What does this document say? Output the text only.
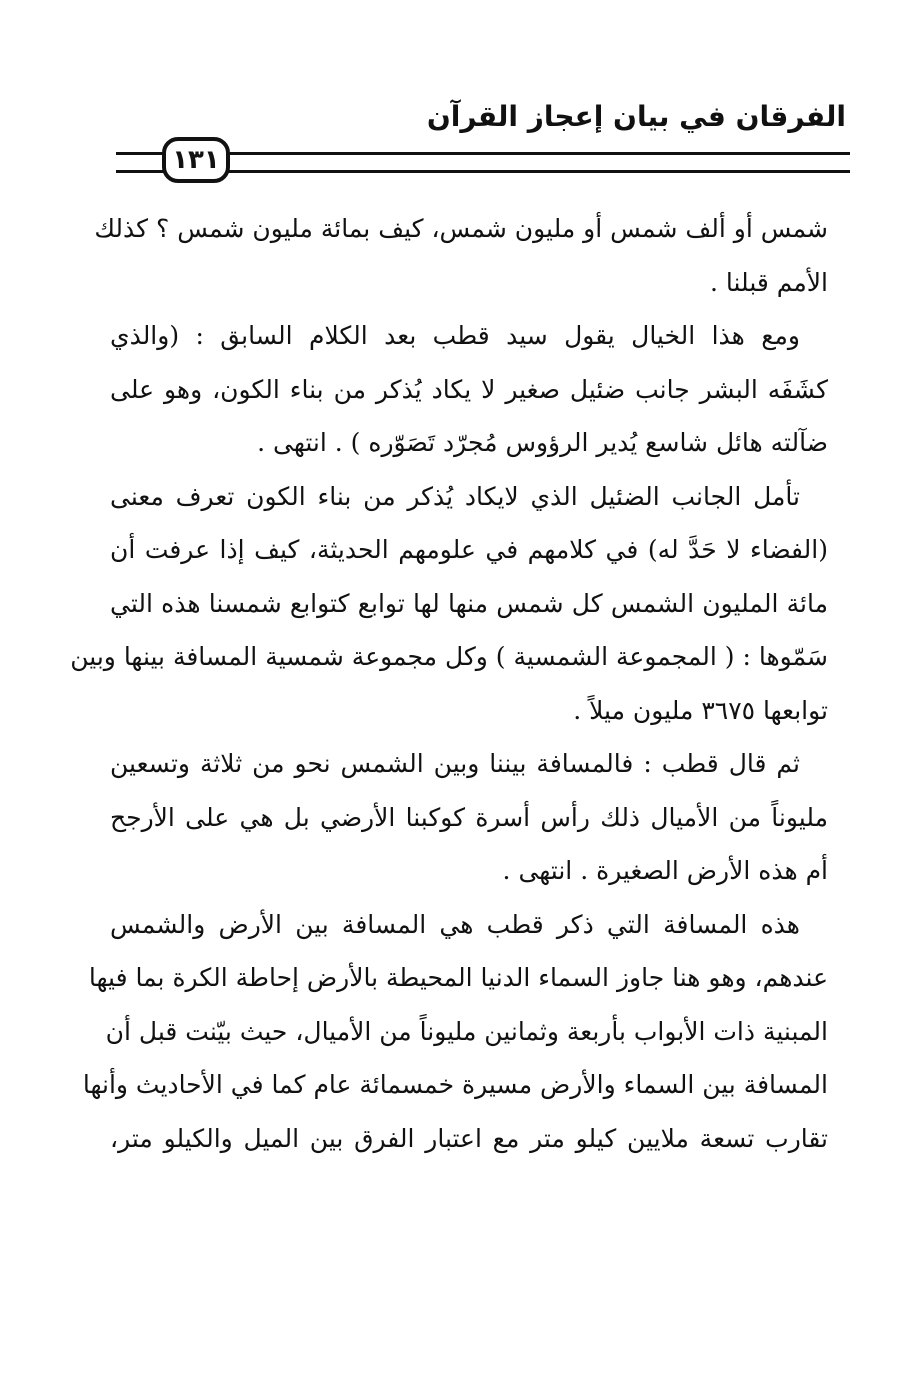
الفرقان في بيان إعجاز القرآن
١٣١
شمس أو ألف شمس أو مليون شمس، كيف بمائة مليون شمس ؟ كذلك
الأمم قبلنا .
ومع هذا الخيال يقول سيد قطب بعد الكلام السابق : (والذي
كشَفَه البشر جانب ضئيل صغير لا يكاد يُذكر من بناء الكون، وهو على
ضآلته هائل شاسع يُدير الرؤوس مُجرّد تَصَوّره ) . انتهى .
تأمل الجانب الضئيل الذي لايكاد يُذكر من بناء الكون تعرف معنى
(الفضاء لا حَدَّ له) في كلامهم في علومهم الحديثة، كيف إذا عرفت أن
مائة المليون الشمس كل شمس منها لها توابع كتوابع شمسنا هذه التي
سَمّوها : ( المجموعة الشمسية ) وكل مجموعة شمسية المسافة بينها وبين
توابعها ٣٦٧٥ مليون ميلاً .
ثم قال قطب : فالمسافة بيننا وبين الشمس نحو من ثلاثة وتسعين
مليوناً من الأميال ذلك رأس أسرة كوكبنا الأرضي بل هي على الأرجح
أم هذه الأرض الصغيرة . انتهى .
هذه المسافة التي ذكر قطب هي المسافة بين الأرض والشمس
عندهم، وهو هنا جاوز السماء الدنيا المحيطة بالأرض إحاطة الكرة بما فيها
المبنية ذات الأبواب بأربعة وثمانين مليوناً من الأميال، حيث بيّنت قبل أن
المسافة بين السماء والأرض مسيرة خمسمائة عام كما في الأحاديث وأنها
تقارب تسعة ملايين كيلو متر مع اعتبار الفرق بين الميل والكيلو متر،
